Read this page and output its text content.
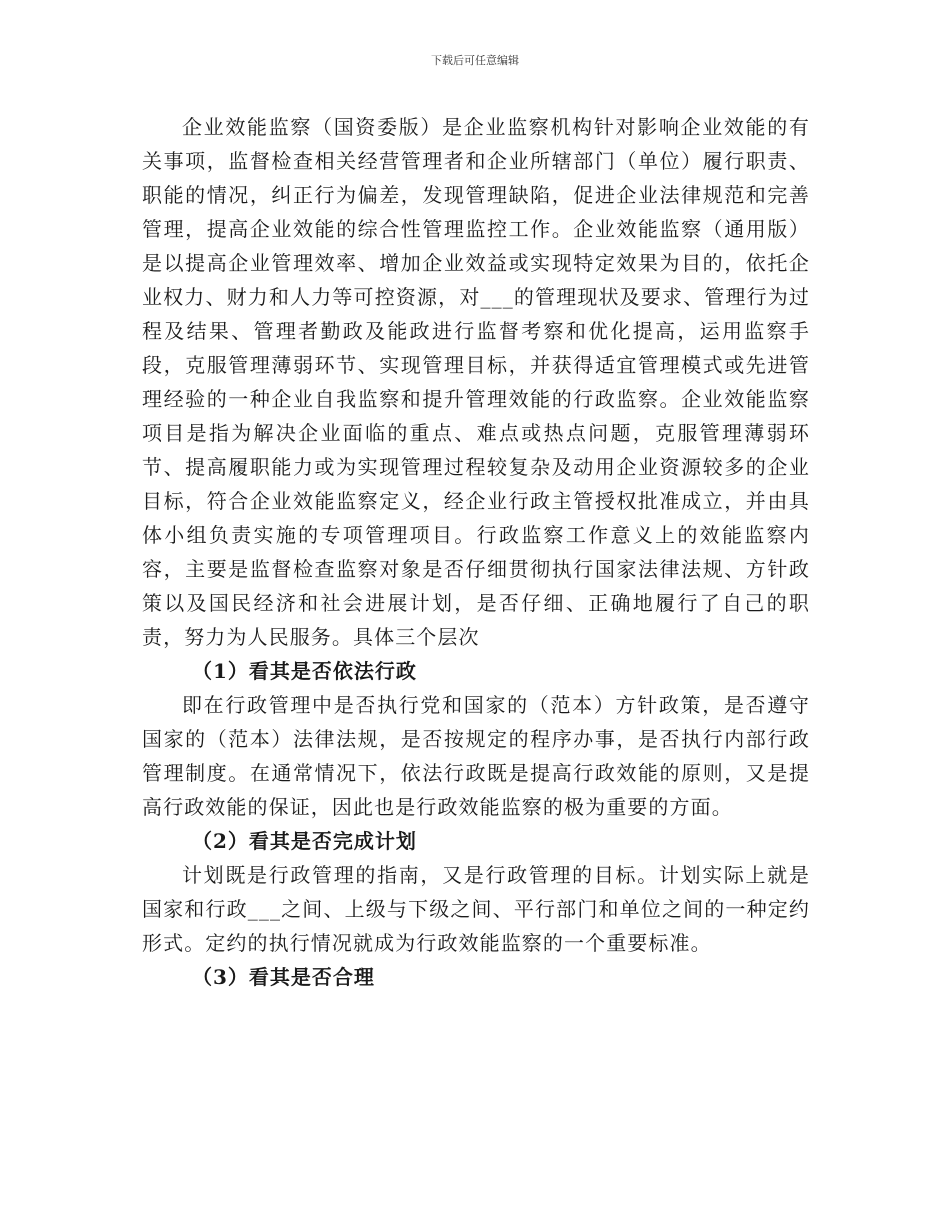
下载后可任意编辑

企业效能监察（国资委版）是企业监察机构针对影响企业效能的有关事项，监督检查相关经营管理者和企业所辖部门（单位）履行职责、职能的情况，纠正行为偏差，发现管理缺陷，促进企业法律规范和完善管理，提高企业效能的综合性管理监控工作。企业效能监察（通用版）是以提高企业管理效率、增加企业效益或实现特定效果为目的，依托企业权力、财力和人力等可控资源，对___的管理现状及要求、管理行为过程及结果、管理者勤政及能政进行监督考察和优化提高，运用监察手段，克服管理薄弱环节、实现管理目标，并获得适宜管理模式或先进管理经验的一种企业自我监察和提升管理效能的行政监察。企业效能监察项目是指为解决企业面临的重点、难点或热点问题，克服管理薄弱环节、提高履职能力或为实现管理过程较复杂及动用企业资源较多的企业目标，符合企业效能监察定义，经企业行政主管授权批准成立，并由具体小组负责实施的专项管理项目。行政监察工作意义上的效能监察内容，主要是监督检查监察对象是否仔细贯彻执行国家法律法规、方针政策以及国民经济和社会进展计划，是否仔细、正确地履行了自己的职责，努力为人民服务。具体三个层次

（1）看其是否依法行政

即在行政管理中是否执行党和国家的（范本）方针政策，是否遵守国家的（范本）法律法规，是否按规定的程序办事，是否执行内部行政管理制度。在通常情况下，依法行政既是提高行政效能的原则，又是提高行政效能的保证，因此也是行政效能监察的极为重要的方面。

（2）看其是否完成计划

计划既是行政管理的指南，又是行政管理的目标。计划实际上就是国家和行政___之间、上级与下级之间、平行部门和单位之间的一种定约形式。定约的执行情况就成为行政效能监察的一个重要标准。

（3）看其是否合理
